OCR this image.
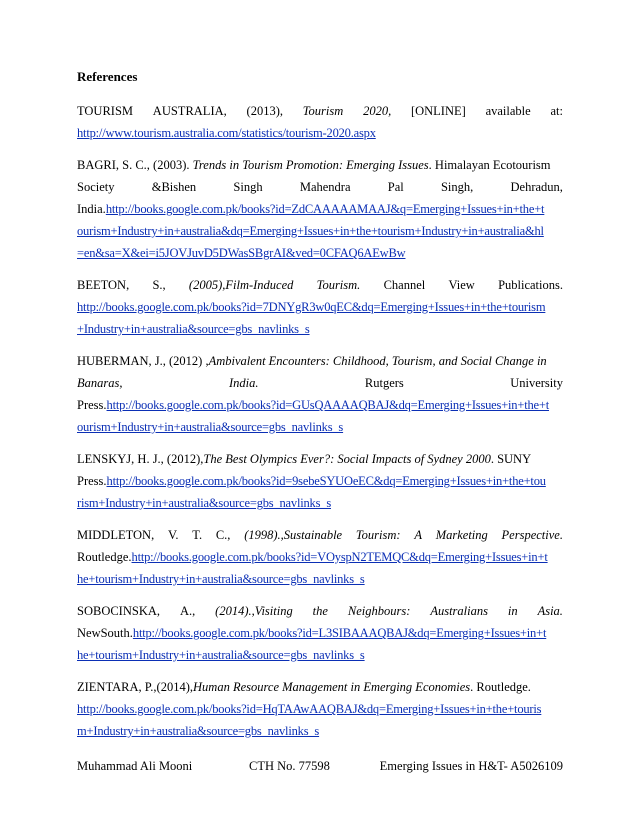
References
TOURISM AUSTRALIA, (2013), Tourism 2020, [ONLINE] available at:
http://www.tourism.australia.com/statistics/tourism-2020.aspx
BAGRI, S. C., (2003). Trends in Tourism Promotion: Emerging Issues. Himalayan Ecotourism
Society	&Bishen	Singh	Mahendra	Pal	Singh,	Dehradun,
India.http://books.google.com.pk/books?id=ZdCAAAAAMAAJ&q=Emerging+Issues+in+the+t
ourism+Industry+in+australia&dq=Emerging+Issues+in+the+tourism+Industry+in+australia&hl
=en&sa=X&ei=i5JOVJuvD5DWasSBgrAI&ved=0CFAQ6AEwBw
BEETON, S., (2005),Film-Induced Tourism. Channel View Publications.
http://books.google.com.pk/books?id=7DNYgR3w0qEC&dq=Emerging+Issues+in+the+tourism
+Industry+in+australia&source=gbs_navlinks_s
HUBERMAN, J., (2012) ,Ambivalent Encounters: Childhood, Tourism, and Social Change in
Banaras,	India.	Rutgers	University
Press.http://books.google.com.pk/books?id=GUsQAAAAQBAJ&dq=Emerging+Issues+in+the+t
ourism+Industry+in+australia&source=gbs_navlinks_s
LENSKYJ, H. J., (2012),The Best Olympics Ever?: Social Impacts of Sydney 2000. SUNY
Press.http://books.google.com.pk/books?id=9sebeSYUOeEC&dq=Emerging+Issues+in+the+tou
rism+Industry+in+australia&source=gbs_navlinks_s
MIDDLETON, V. T. C., (1998).,Sustainable Tourism: A Marketing Perspective.
Routledge.http://books.google.com.pk/books?id=VOyspN2TEMQC&dq=Emerging+Issues+in+t
he+tourism+Industry+in+australia&source=gbs_navlinks_s
SOBOCINSKA, A., (2014).,Visiting the Neighbours: Australians in Asia.
NewSouth.http://books.google.com.pk/books?id=L3SIBAAAQBAJ&dq=Emerging+Issues+in+t
he+tourism+Industry+in+australia&source=gbs_navlinks_s
ZIENTARA, P.,(2014),Human Resource Management in Emerging Economies. Routledge.
http://books.google.com.pk/books?id=HqTAAwAAQBAJ&dq=Emerging+Issues+in+the+touris
m+Industry+in+australia&source=gbs_navlinks_s
Muhammad Ali Mooni	CTH No. 77598	Emerging Issues in H&T- A5026109
